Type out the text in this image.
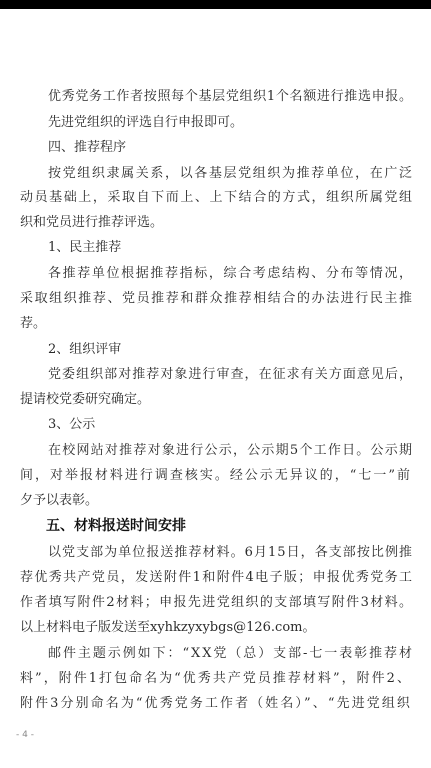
优秀党务工作者按照每个基层党组织1个名额进行推选申报。
先进党组织的评选自行申报即可。
四、推荐程序
按党组织隶属关系，以各基层党组织为推荐单位，在广泛
动员基础上，采取自下而上、上下结合的方式，组织所属党组
织和党员进行推荐评选。
1、民主推荐
各推荐单位根据推荐指标，综合考虑结构、分布等情况，
采取组织推荐、党员推荐和群众推荐相结合的办法进行民主推
荐。
2、组织评审
党委组织部对推荐对象进行审查，在征求有关方面意见后，
提请校党委研究确定。
3、公示
在校网站对推荐对象进行公示，公示期5个工作日。公示期
间，对举报材料进行调查核实。经公示无异议的，“七一”前
夕予以表彰。
五、材料报送时间安排
以党支部为单位报送推荐材料。6月15日，各支部按比例推
荐优秀共产党员，发送附件1和附件4电子版；申报优秀党务工
作者填写附件2材料；申报先进党组织的支部填写附件3材料。
以上材料电子版发送至xyhkzyxybgs@126.com。
邮件主题示例如下：“XX党（总）支部-七一表彰推荐材
料”，附件1打包命名为“优秀共产党员推荐材料”，附件2、
附件3分别命名为“优秀党务工作者（姓名）”、“先进党组织
- 4 -
